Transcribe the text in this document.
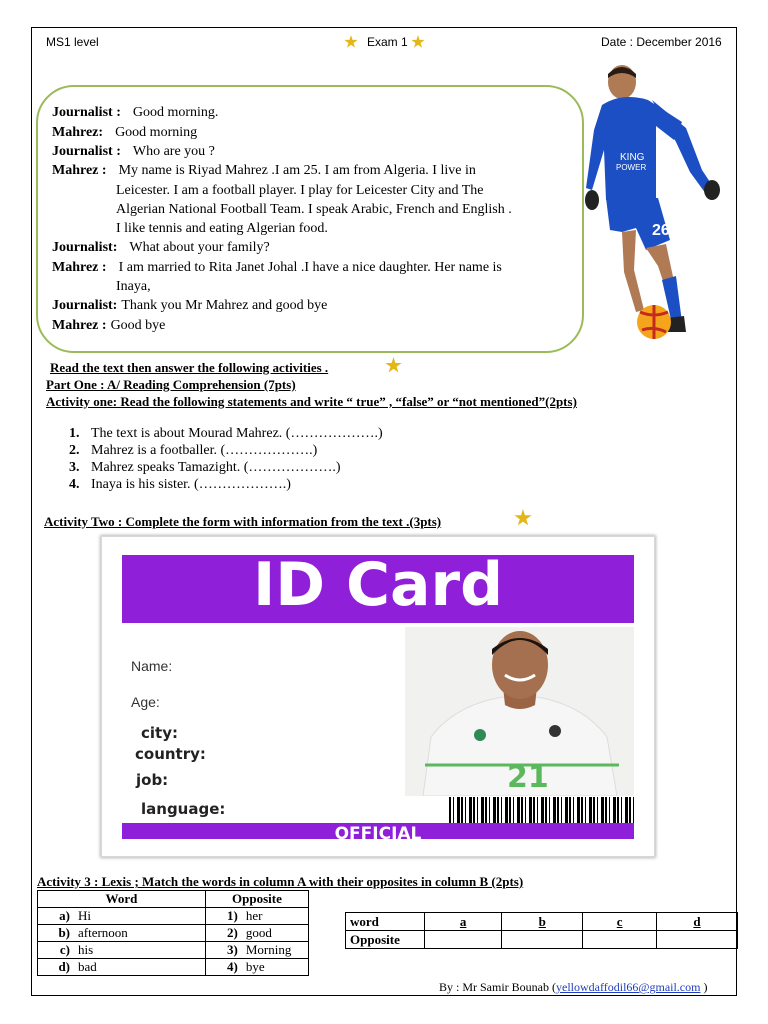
MS1 level	Exam 1	Date : December 2016
Journalist : Good morning.
Mahrez: Good morning
Journalist : Who are you ?
Mahrez : My name is Riyad Mahrez .I am 25. I am from Algeria. I live in
Leicester. I am a football player. I play for Leicester City and The
Algerian National Football Team. I speak Arabic, French and English .
I like tennis and eating Algerian food.
Journalist: What about your family?
Mahrez : I am married to Rita Janet Johal .I have a nice daughter. Her name is
Inaya,
Journalist: Thank you Mr Mahrez and good bye
Mahrez : Good bye
KING
POWER
26
Read the text then answer the following activities .
Part One : A/ Reading Comprehension (7pts)
Activity one: Read the following statements and write “ true” , “false” or “not mentioned”(2pts)
1. The text is about Mourad Mahrez. (……………….)
2. Mahrez is a footballer. (……………….)
3. Mahrez speaks Tamazight. (……………….)
4. Inaya is his sister. (……………….)
Activity Two : Complete the form with information from the text .(3pts)
ID Card
Name:
Age:
city:
country:
job:
language:
21
OFFICIAL
Activity 3 : Lexis ; Match the words in column A with their opposites in column B (2pts)
Word		Opposite	
a)	Hi	1)	her
b)	afternoon	2)	good
c)	his	3)	Morning
d)	bad	4)	bye
word	a	b	c	d
Opposite				
By : Mr Samir Bounab (yellowdaffodil66@gmail.com )
